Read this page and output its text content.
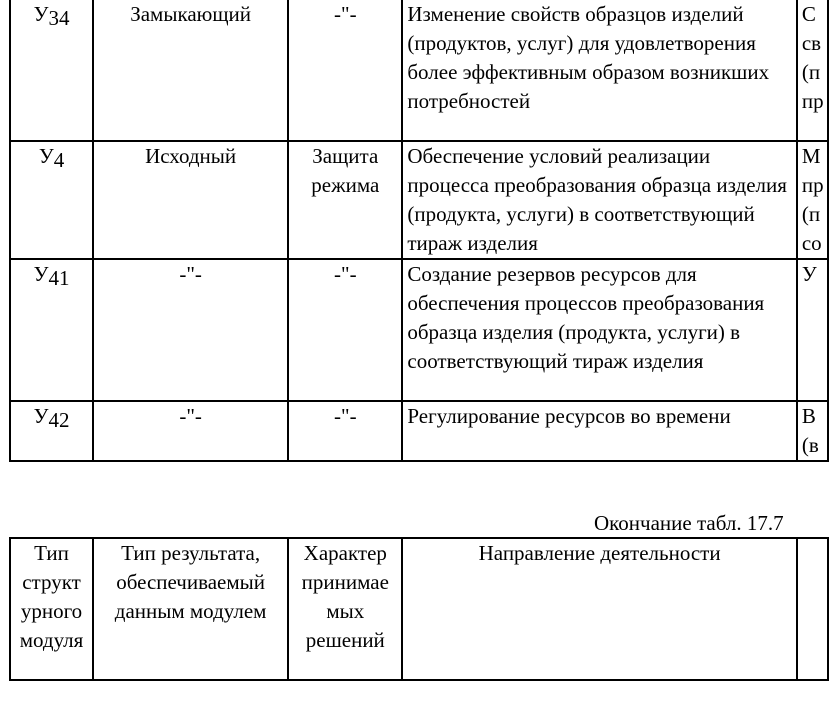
У34	Замыкающий	-"-	Изменение свойств образцов изделий (продуктов, услуг) для удовлетворения более эффективным образом возникших потребностей	С
св
(п
пр

У4	Исходный	Защита режима	Обеспечение условий реализации процесса преобразования образца изделия (продукта, услуги) в соответствующий тираж изделия	М
пр
(п
со

У41	-"-	-"-	Создание резервов ресурсов для обеспечения процессов преобразования образца изделия (продукта, услуги) в соответствующий тираж изделия	У

У42	-"-	-"-	Регулирование ресурсов во времени	В
(в
Окончание табл. 17.7
Тип структ урного модуля	Тип результата, обеспечиваемый данным модулем	Характер принимае мых решений	Направление деятельности	
